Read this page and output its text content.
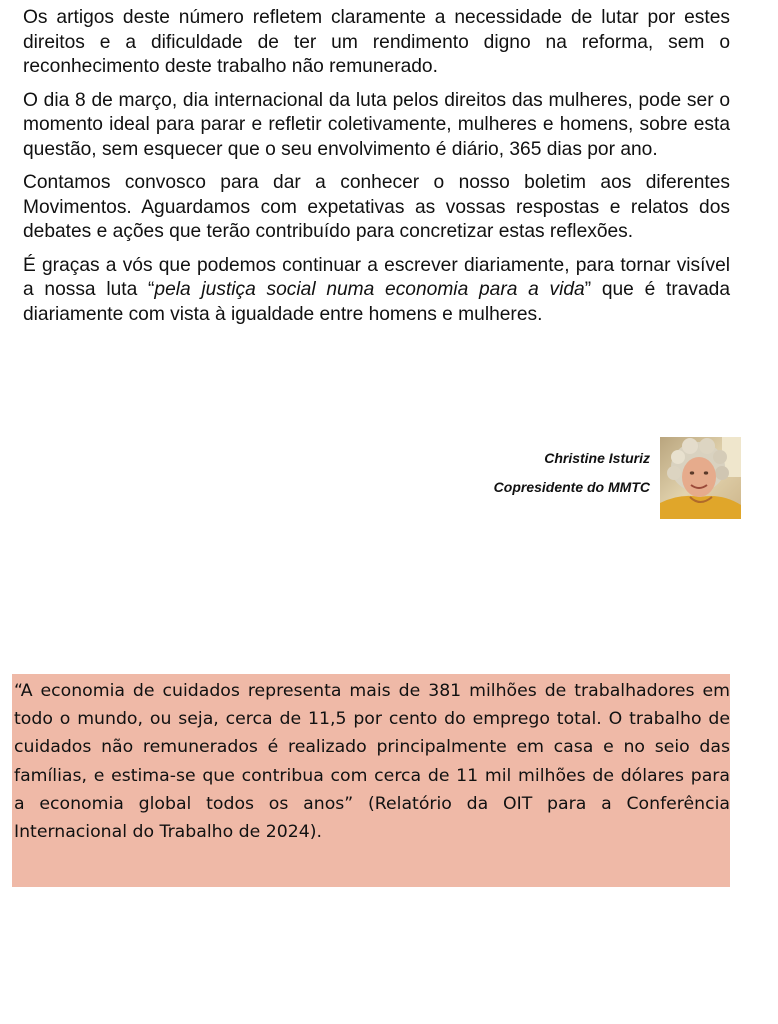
Os artigos deste número refletem claramente a necessidade de lutar por estes direitos e a dificuldade de ter um rendimento digno na reforma, sem o reconhecimento deste trabalho não remunerado.

O dia 8 de março, dia internacional da luta pelos direitos das mulheres, pode ser o momento ideal para parar e refletir coletivamente, mulheres e homens, sobre esta questão, sem esquecer que o seu envolvimento é diário, 365 dias por ano.

Contamos convosco para dar a conhecer o nosso boletim aos diferentes Movimentos. Aguardamos com expetativas as vossas respostas e relatos dos debates e ações que terão contribuído para concretizar estas reflexões.

É graças a vós que podemos continuar a escrever diariamente, para tornar visível a nossa luta “pela justiça social numa economia para a vida” que é travada diariamente com vista à igualdade entre homens e mulheres.

Christine Isturiz
Copresidente do MMTC

“A economia de cuidados representa mais de 381 milhões de trabalhadores em todo o mundo, ou seja, cerca de 11,5 por cento do emprego total. O trabalho de cuidados não remunerados é realizado principalmente em casa e no seio das famílias, e estima-se que contribua com cerca de 11 mil milhões de dólares para a economia global todos os anos” (Relatório da OIT para a Conferência Internacional do Trabalho de 2024).
